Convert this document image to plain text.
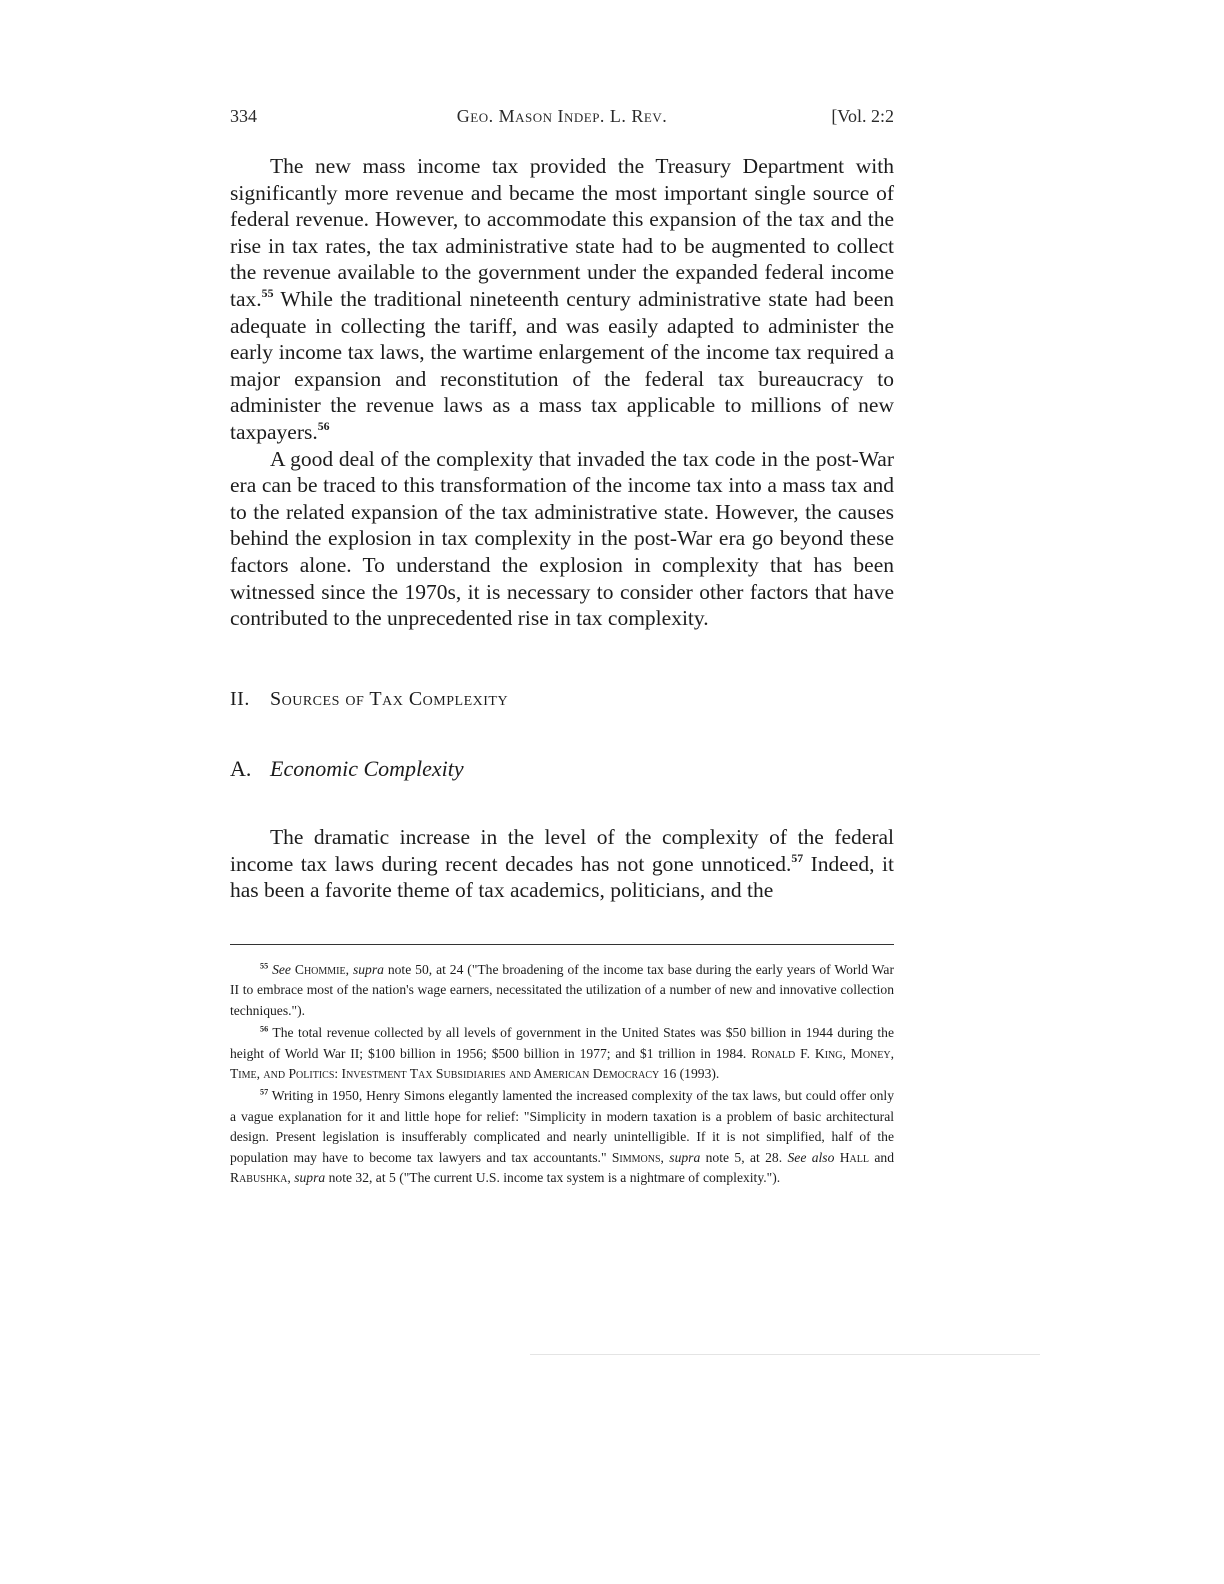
334	Geo. Mason Indep. L. Rev.	[Vol. 2:2

The new mass income tax provided the Treasury Department with significantly more revenue and became the most important single source of federal revenue. However, to accommodate this expansion of the tax and the rise in tax rates, the tax administrative state had to be augmented to collect the revenue available to the government under the expanded federal income tax.$^{55}$ While the traditional nineteenth century administrative state had been adequate in collecting the tariff, and was easily adapted to administer the early income tax laws, the wartime enlargement of the income tax required a major expansion and reconstitution of the federal tax bureaucracy to administer the revenue laws as a mass tax applicable to millions of new taxpayers.$^{56}$

A good deal of the complexity that invaded the tax code in the post-War era can be traced to this transformation of the income tax into a mass tax and to the related expansion of the tax administrative state. However, the causes behind the explosion in tax complexity in the post-War era go beyond these factors alone. To understand the explosion in complexity that has been witnessed since the 1970s, it is necessary to consider other factors that have contributed to the unprecedented rise in tax complexity.

II. Sources of Tax Complexity
A. Economic Complexity

The dramatic increase in the level of the complexity of the federal income tax laws during recent decades has not gone unnoticed.$^{57}$ Indeed, it has been a favorite theme of tax academics, politicians, and the

$^{55}$ See Chommie, supra note 50, at 24 ("The broadening of the income tax base during the early years of World War II to embrace most of the nation's wage earners, necessitated the utilization of a number of new and innovative collection techniques.").

$^{56}$ The total revenue collected by all levels of government in the United States was $50 billion in 1944 during the height of World War II; $100 billion in 1956; $500 billion in 1977; and $1 trillion in 1984. Ronald F. King, Money, Time, and Politics: Investment Tax Subsidiaries and American Democracy 16 (1993).

$^{57}$ Writing in 1950, Henry Simons elegantly lamented the increased complexity of the tax laws, but could offer only a vague explanation for it and little hope for relief: "Simplicity in modern taxation is a problem of basic architectural design. Present legislation is insufferably complicated and nearly unintelligible. If it is not simplified, half of the population may have to become tax lawyers and tax accountants." Simmons, supra note 5, at 28. See also Hall and Rabushka, supra note 32, at 5 ("The current U.S. income tax system is a nightmare of complexity.").
